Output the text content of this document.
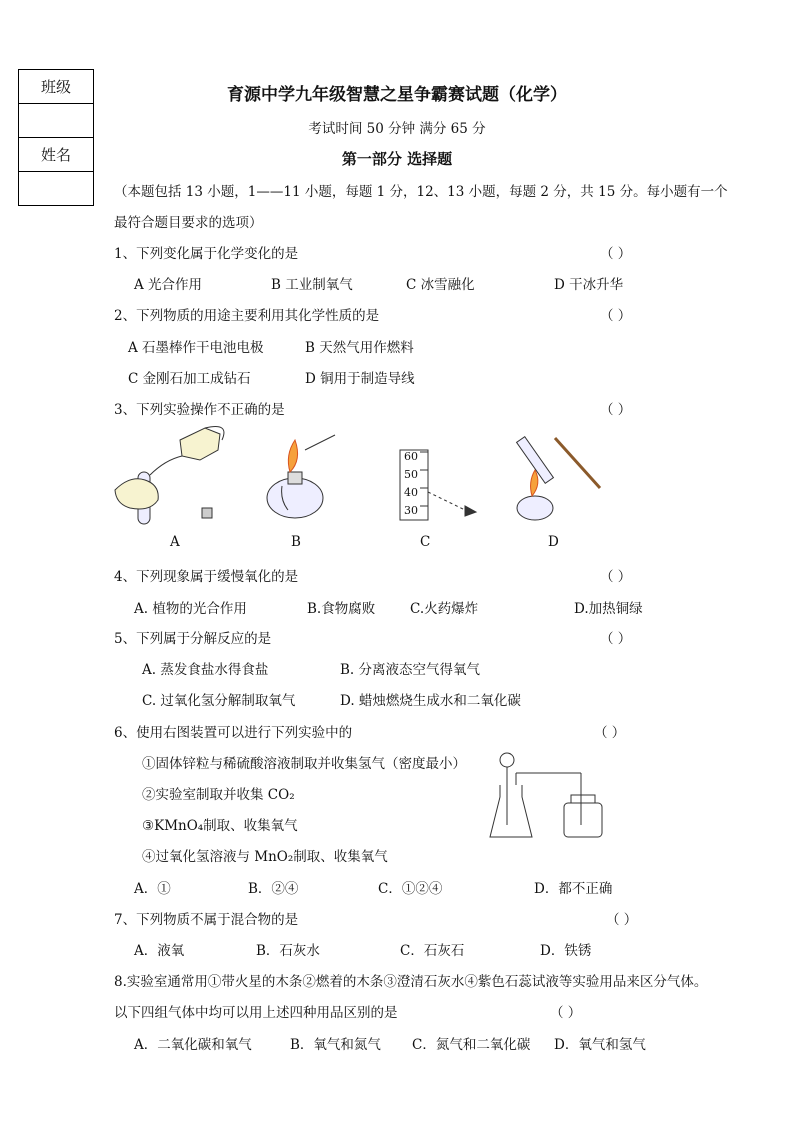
班级

姓名

育源中学九年级智慧之星争霸赛试题（化学）
考试时间 50 分钟 满分 65 分
第一部分 选择题
（本题包括 13 小题，1——11 小题，每题 1 分，12、13 小题，每题 2 分，共 15 分。每小题有一个
最符合题目要求的选项）
1、下列变化属于化学变化的是	（ ）
A 光合作用	B 工业制氧气	C 冰雪融化	D 干冰升华
2、下列物质的用途主要利用其化学性质的是	（ ）
A 石墨棒作干电池电极	B 天然气用作燃料
C 金刚石加工成钻石	D 铜用于制造导线
3、下列实验操作不正确的是	（ ）
60
50
40
30
A	B	C	D
4、下列现象属于缓慢氧化的是	（ ）
A. 植物的光合作用	B.食物腐败	C.火药爆炸	D.加热铜绿
5、下列属于分解反应的是	（ ）
A. 蒸发食盐水得食盐	B. 分离液态空气得氧气
C. 过氧化氢分解制取氧气	D. 蜡烛燃烧生成水和二氧化碳
6、使用右图装置可以进行下列实验中的	（ ）
①固体锌粒与稀硫酸溶液制取并收集氢气（密度最小）
②实验室制取并收集 CO₂
③KMnO₄制取、收集氧气
④过氧化氢溶液与 MnO₂制取、收集氧气
A．①	B．②④	C．①②④	D．都不正确
7、下列物质不属于混合物的是	（ ）
A．液氧	B．石灰水	C．石灰石	D．铁锈
8.实验室通常用①带火星的木条②燃着的木条③澄清石灰水④紫色石蕊试液等实验用品来区分气体。
以下四组气体中均可以用上述四种用品区别的是	（ ）
A．二氧化碳和氧气	B．氧气和氮气 C．氮气和二氧化碳 D．氧气和氢气
